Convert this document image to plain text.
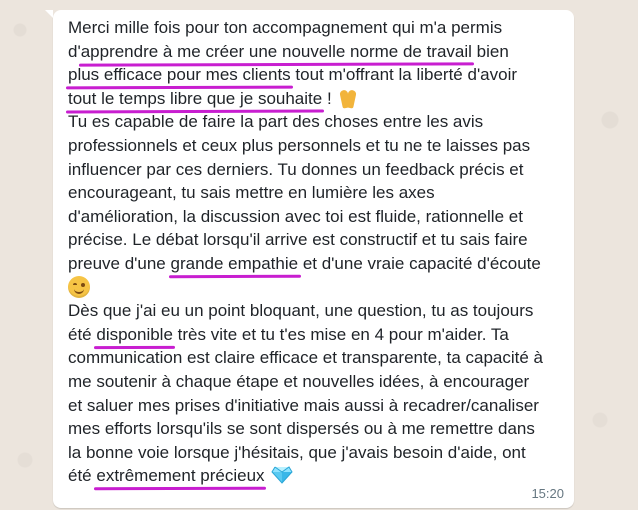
Merci mille fois pour ton accompagnement qui m'a permis
d'apprendre à me créer une nouvelle norme de travail bien
plus efficace pour mes clients tout m'offrant la liberté d'avoir
tout le temps libre que je souhaite !
Tu es capable de faire la part des choses entre les avis
professionnels et ceux plus personnels et tu ne te laisses pas
influencer par ces derniers. Tu donnes un feedback précis et
encourageant, tu sais mettre en lumière les axes
d'amélioration, la discussion avec toi est fluide, rationnelle et
précise. Le débat lorsqu'il arrive est constructif et tu sais faire
preuve d'une grande empathie et d'une vraie capacité d'écoute
Dès que j'ai eu un point bloquant, une question, tu as toujours
été disponible très vite et tu t'es mise en 4 pour m'aider. Ta
communication est claire efficace et transparente, ta capacité à
me soutenir à chaque étape et nouvelles idées, à encourager
et saluer mes prises d'initiative mais aussi à recadrer/canaliser
mes efforts lorsqu'ils se sont dispersés ou à me remettre dans
la bonne voie lorsque j'hésitais, que j'avais besoin d'aide, ont
été extrêmement précieux
15:20
